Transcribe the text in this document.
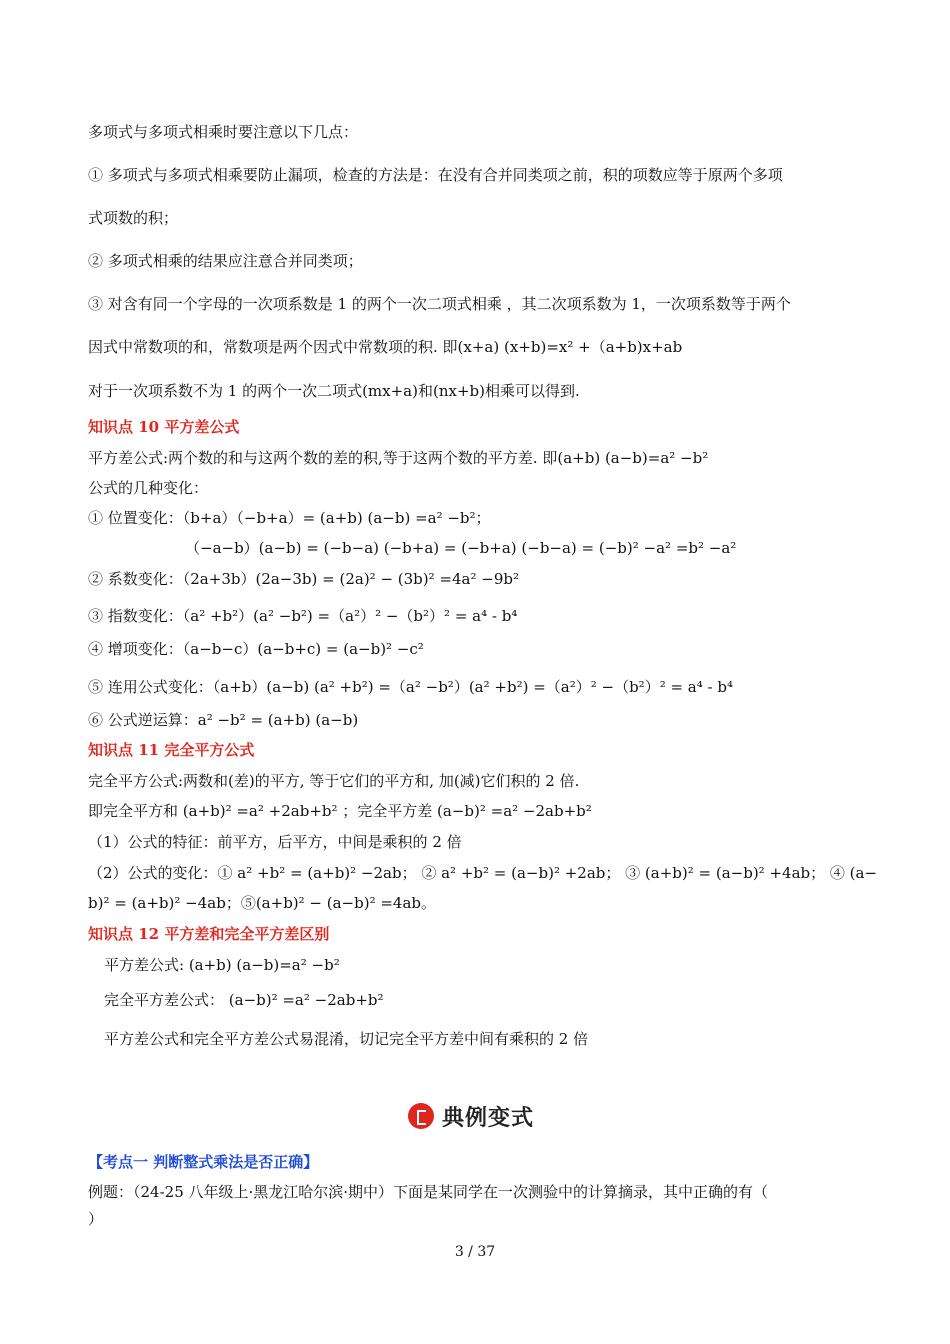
多项式与多项式相乘时要注意以下几点：
① 多项式与多项式相乘要防止漏项，检查的方法是：在没有合并同类项之前，积的项数应等于原两个多项
式项数的积；
② 多项式相乘的结果应注意合并同类项；
③ 对含有同一个字母的一次项系数是 1 的两个一次二项式相乘 ，其二次项系数为 1，一次项系数等于两个
因式中常数项的和，常数项是两个因式中常数项的积. 即(x+a) (x+b)=x² +（a+b)x+ab
对于一次项系数不为 1 的两个一次二项式(mx+a)和(nx+b)相乘可以得到.
知识点 10 平方差公式
平方差公式:两个数的和与这两个数的差的积,等于这两个数的平方差. 即(a+b) (a−b)=a² −b²
公式的几种变化：
① 位置变化：（b+a）（−b+a）= (a+b) (a−b) =a² −b²；
（−a−b）(a−b) = (−b−a) (−b+a) = (−b+a) (−b−a) = (−b)² −a² =b² −a²
② 系数变化：（2a+3b）(2a−3b) = (2a)² − (3b)² =4a² −9b²
③ 指数变化：（a² +b²）(a² −b²) =（a²）² −（b²）² = a⁴ - b⁴
④ 增项变化：（a−b−c）(a−b+c) = (a−b)² −c²
⑤ 连用公式变化：（a+b）(a−b) (a² +b²) =（a² −b²）(a² +b²) =（a²）² −（b²）² = a⁴ - b⁴
⑥ 公式逆运算：a² −b² = (a+b) (a−b)
知识点 11 完全平方公式
完全平方公式:两数和(差)的平方, 等于它们的平方和, 加(减)它们积的 2 倍.
即完全平方和 (a+b)² =a² +2ab+b² ；完全平方差 (a−b)² =a² −2ab+b²
（1）公式的特征：前平方，后平方，中间是乘积的 2 倍
（2）公式的变化：① a² +b² = (a+b)² −2ab； ② a² +b² = (a−b)² +2ab； ③ (a+b)² = (a−b)² +4ab； ④ (a−
b)² = (a+b)² −4ab；⑤(a+b)² − (a−b)² =4ab。
知识点 12 平方差和完全平方差区别
平方差公式: (a+b) (a−b)=a² −b²
完全平方差公式： (a−b)² =a² −2ab+b²
平方差公式和完全平方差公式易混淆，切记完全平方差中间有乘积的 2 倍
典例变式
【考点一 判断整式乘法是否正确】
例题：（24-25 八年级上·黑龙江哈尔滨·期中）下面是某同学在一次测验中的计算摘录，其中正确的有（
）
3 / 37
